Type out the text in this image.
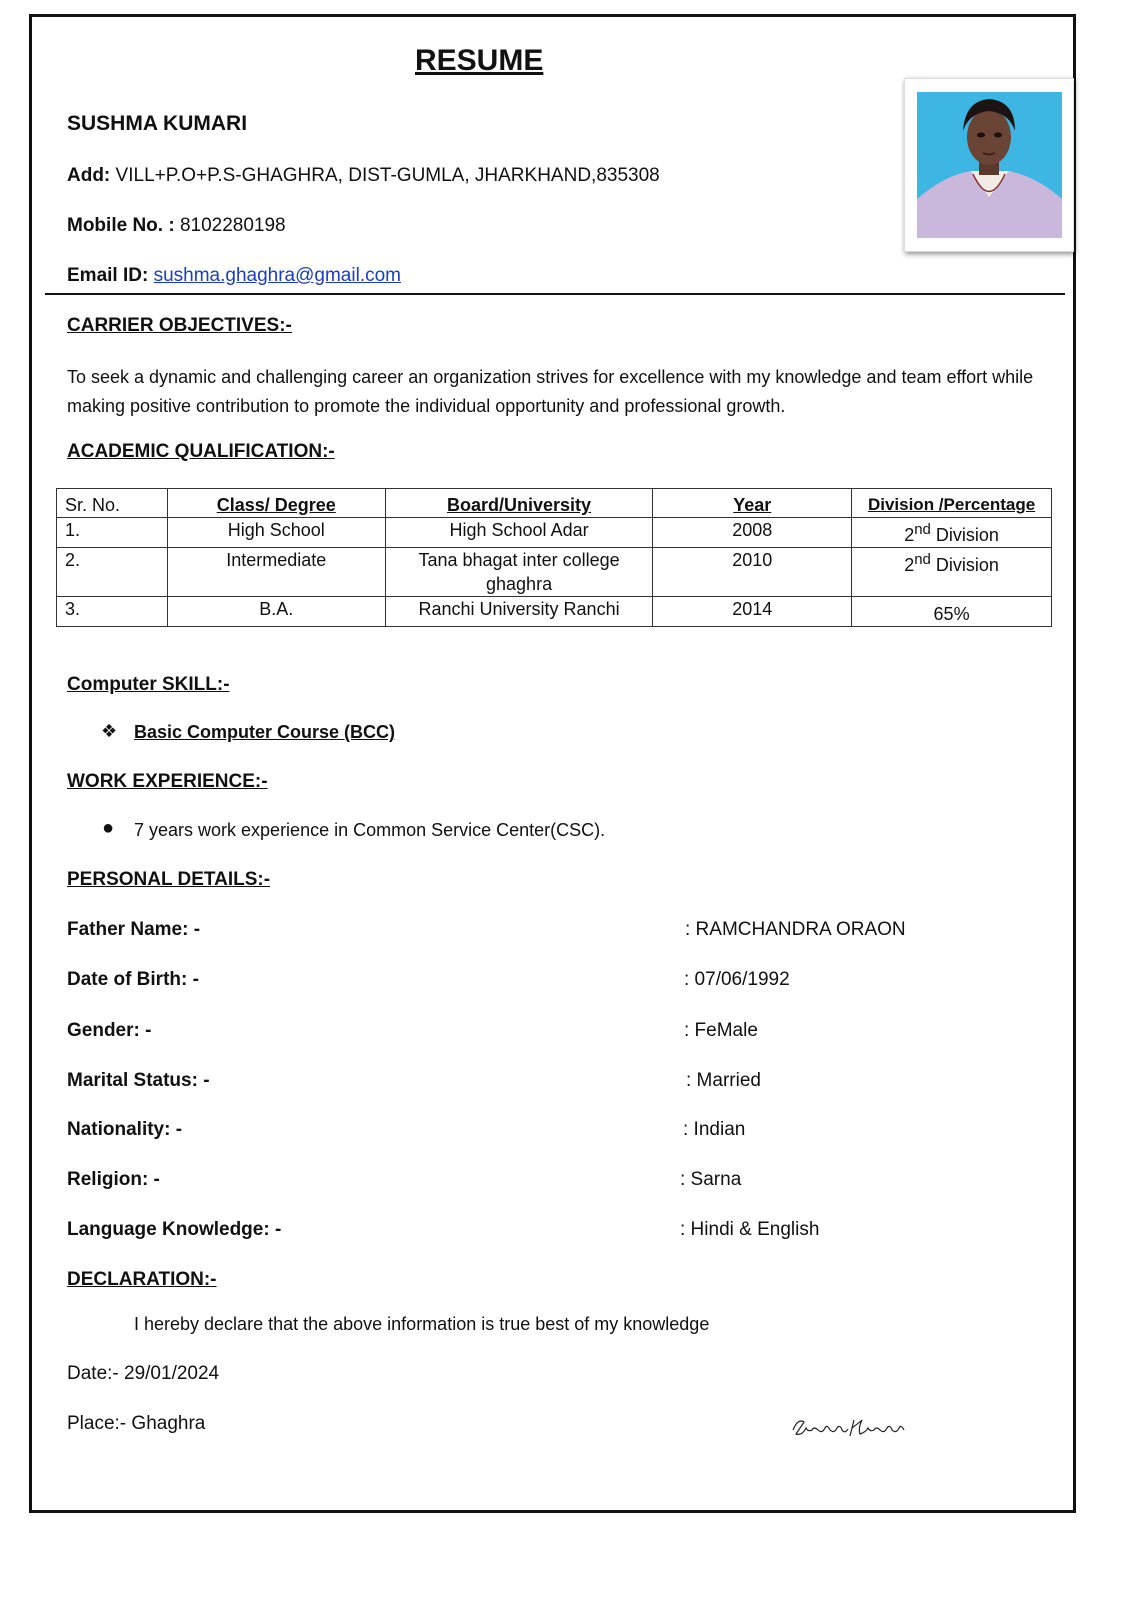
RESUME
SUSHMA KUMARI
Add: VILL+P.O+P.S-GHAGHRA, DIST-GUMLA, JHARKHAND,835308
Mobile No. : 8102280198
Email ID: sushma.ghaghra@gmail.com
CARRIER OBJECTIVES:-
To seek a dynamic and challenging career an organization strives for excellence with my knowledge and team effort while making positive contribution to promote the individual opportunity and professional growth.
ACADEMIC QUALIFICATION:-
Sr. No.	Class/ Degree	Board/University	Year	Division /Percentage
1.	High School	High School Adar	2008	2nd Division
2.	Intermediate	Tana bhagat inter college ghaghra	2010	2nd Division
3.	B.A.	Ranchi University Ranchi	2014	65%
Computer SKILL:-
❖ Basic Computer Course (BCC)
WORK EXPERIENCE:-
● 7 years work experience in Common Service Center(CSC).
PERSONAL DETAILS:-
Father Name: -	: RAMCHANDRA ORAON
Date of Birth: -	: 07/06/1992
Gender: -	: FeMale
Marital Status: -	: Married
Nationality: -	: Indian
Religion: -	: Sarna
Language Knowledge: -	: Hindi & English
DECLARATION:-
I hereby declare that the above information is true best of my knowledge
Date:- 29/01/2024
Place:- Ghaghra
